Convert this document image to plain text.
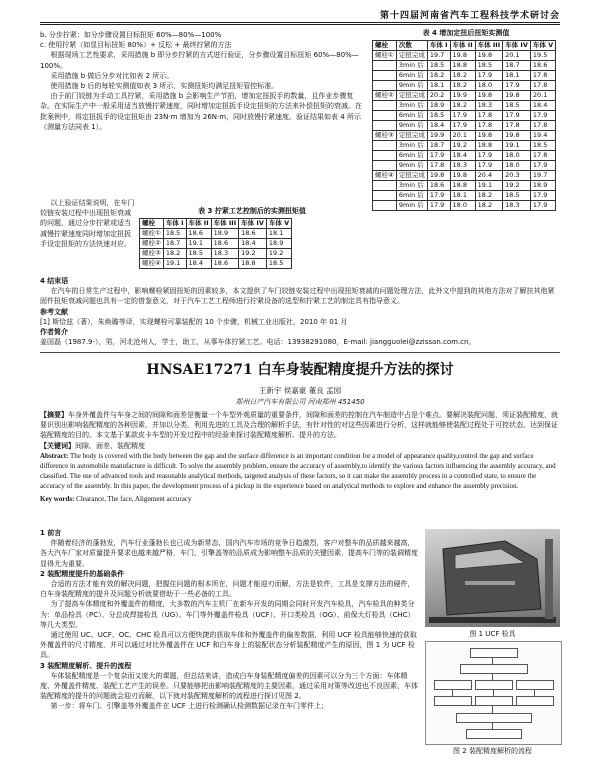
第十四届河南省汽车工程科技学术研讨会

b. 分步拧紧：如分步骤设置目标扭矩 60%—80%—100%

c. 使用拧紧（如显目标扭矩 80%）+ 反松 + 最终拧紧的方法

根据现场工艺性要求，采用措施 b 即分步拧紧的方式进行验证，分步骤设置目标扭矩 60%—80%—100%。

采用措施 b 做后分步对比如表 2 所示。

使用措施 b 后的每轮实测值如表 3 所示，实测扭矩均满足扭矩管控标准。

由于前门铰链为手动工具拧紧，采用措施 b 会影响生产节拍，增加定扭扳手的数量，且作业步骤复杂。在实际生产中一般采用适当放慢拧紧速度，同时增加定扭扳手设定扭矩的方法来补偿扭矩的衰减。在批案例中，将定扭扳手的设定扭矩由 23N·m 增加为 26N·m，同时放慢拧紧速度。验证结果如表 4 所示（测量方法同表 1）。

以上验证结果说明，在车门铰链安装过程中出现扭矩衰减的问题，通过分步拧紧或适当减慢拧紧速度同时增加定扭扳手设定扭矩的方法快速对应。

表 3 拧紧工艺控制后的实测扭矩值
螺栓	车体 I	车体 II	车体 III	车体 IV	车体 V
螺栓①	18.5	18.6	18.9	18.6	18.1
螺栓②	18.7	19.1	18.6	18.4	18.9
螺栓③	18.2	18.5	18.3	19.2	19.2
螺栓④	19.1	18.4	18.6	18.8	18.5
表 4 增加定扭后扭矩实测值
螺栓	次数	车体 I	车体 II	车体 III	车体 IV	车体 V
螺栓①	定扭完成	19.7	19.8	19.8	20.1	19.5
	3min 后	18.5	18.8	18.5	18.7	18.6
	6min 后	18.2	18.2	17.9	18.1	17.8
	9min 后	18.1	18.2	18.0	17.9	17.8
螺栓②	定扭完成	20.2	19.9	19.8	19.8	20.1
	3min 后	18.9	18.2	18.3	18.5	18.4
	6min 后	18.5	17.9	17.8	17.9	17.9
	9min 后	18.4	17.9	17.8	17.8	17.8
螺栓③	定扭完成	19.9	20.1	19.8	19.8	19.4
	3min 后	18.7	19.2	18.8	19.1	18.5
	6min 后	17.9	18.4	17.9	18.0	17.8
	9min 后	17.8	18.3	17.9	18.0	17.9
螺栓④	定扭完成	19.8	19.8	20.4	20.3	19.7
	3min 后	18.6	18.8	19.1	19.2	18.9
	6min 后	17.9	18.1	18.2	18.5	17.9
	9min 后	17.9	18.0	18.2	18.3	17.9

4 结束语

在汽车的日常生产过程中，影响螺栓紧固扭矩的因素较多，本文提供了车门铰链安装过程中出现扭矩衰减的问题处理方法，此外文中提到的其他方法对了解扶其他紧固件扭矩衰减问题也具有一定的借鉴意义，对于汽车工艺工程师进行拧紧设备的选型和拧紧工艺的制定具有指导意义。

参考文献

[1] 斯恰兹（著），朱焕璐等译，实现螺栓可靠装配的 10 个步骤，机械工业出版社，2010 年 01 月

作者简介

姜国磊（1987.9-），男，河北沧州人，学士，助工，从事车体拧紧工艺。电话：13938291080，E-mail: jiangguolei@zzissan.com.cn。

HNSAE17271 白车身装配精度提升方法的探讨
王新宇 侯嘉豪 董良 孟园
郑州日产汽车有限公司 河南郑州 451450

【摘要】车身外覆盖件与车身之间的间隙和面差是衡量一个车型外观质量的重要条件，间隙和面差的控制在汽车制造中占是个难点。要解决装配问题，须证装配精度，就要识别出影响装配精度的各种因素，并加以分类，利用先进的工具及合理的解析手法，有针对性的对这些因素进行分析，这样就能够使装配过程处于可控状态，达到保证装配精度的目的。本文基于某款皮卡车型的开发过程中的经验来探讨装配精度解析、提升的方法。

【关键词】间隙、面差、装配精度

Abstract: The body is covered with the body between the gap and the surface difference is an important condition for a model of appearance quality,control the gap and surface difference in automobile manufacture is difficult. To solve the assembly problem, ensure the accuracy of assembly,to identify the various factors influencing the assembly accuracy, and classified. The use of advanced tools and reasonable analytical methods, targeted analysis of these factors, so it can make the assembly process in a controlled state, to ensure the accuracy of the assembly. In this paper, the development process of a pickup in the experience based on analytical methods to explore and enhance the assembly precision.

Key words: Clearance, The face, Alignment accuracy

1 前言

伴随着经济的蓬勃发，汽车行业蓬勃长也已成为新常态，国内汽车市场的竞争日趋激烈，客户对整车的品质越来越高，各大汽车厂家对质量提升要求也越来越严格，车门，引擎盖等的品质成为影响整车品质的关键因素，提高车门等的装调精度显得尤为重要。

2 装配精度提升的基础条件

合适的方法才能有效的解决问题，把握住问题的根本所在，问题才能迎刃而解，方法是软件，工具是支撑方法的硬件，白车身装配精度的提升及问题分析就要借助于一些必备的工具。

为了提高车体精度和外覆盖件的精度，大多数的汽车主机厂在新车开发的同期会同时开发汽车检具，汽车检具的种类分为：单品检具（PC）、分总成焊接检具（UG）、车门等外覆盖件检具（UCF）、开口类检具（OG）、前保大灯检具（CHC）等几大类型。

通过使用 UC、UCF、OC、CHC 检具可以方便快捷的获取车体和外覆盖件的偏差数据，利用 UCF 检具能够快速的获取外覆盖件的尺寸精度，并可以通过对比外覆盖件在 UCF 和白车身上的装配状态分析装配精度产生的原因，图 1 为 UCF 检具。

3 装配精度解析、提升的流程

车体装配精度是一个复杂而又庞大的课题，但总结来讲，造成白车身装配精度偏差的因素可以分为三个方面：车体精度、外覆盖件精度、装配工艺产生的误差。只要能够把由影响装配精度的主要因素，通过采用对策等改进也不良因素，车体装配精度的提升的问题就会迎刃而解，以下就对装配精度解析的流程进行探讨见图 2。

第一步：将车门、引擎盖等外覆盖件在 UCF 上进行检测确认检测数据记录在车门零件上；

图 1 UCF 检具
图 2 装配精度解析的流程
